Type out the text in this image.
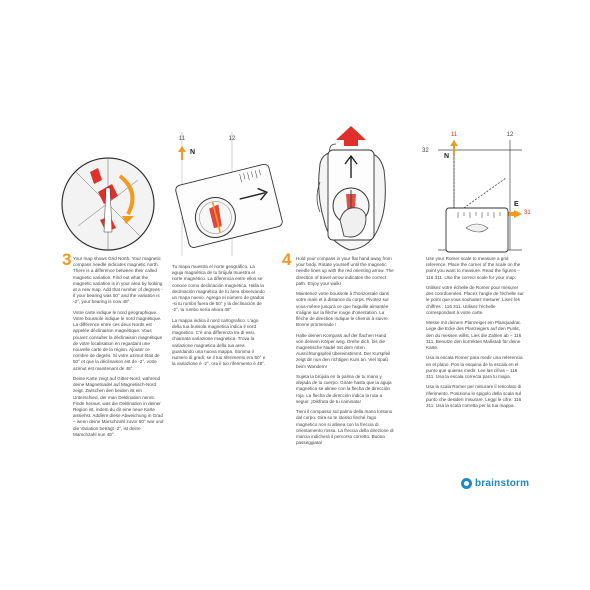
11	12
N
11	12
32
31
N
E
3	4

Your map shows Grid North. Your magnetic compass needle indicates magnetic north. There is a difference between their called magnetic variation. Find out what the magnetic variation is in your area by looking at a new map. Add that number of degrees - if your bearing was 50° and the variation is -2°, your bearing is now 48°.

Votre carte indique le nord géographique. Votre boussole indique le nord magnétique. La différence entre ces deux Nords est appelée déclinaison magnétique. Vous pouvez consulter la déclinaison magnétique de votre localisation en regardant une nouvelle carte de la région. Ajouter ce nombre de degrés. Si votre azimut était de 50° et que la déclinaison est de -2°, votre azimut est maintenant de 48°.

Deine Karte zeigt auf Gitter-Nord, während deine Magnetnadel auf Magnetisch-Nord zeigt. Zwischen den beiden ist ein Unterschied, der man Deklination nennt. Finde heraus, was die Deklination in deiner Region ist, indem du dir eine neue Karte ansiehst. Addiere diese Abweichung in Grad – wenn deine Marschzahl zuvor 50° war und die Variation beträgt -2°, ist deine Marschzahl nun 48°.

Tu mapa muestra el norte geográfico. La aguja magnética de tu brújula muestra el norte magnético. La diferencia entre ellos se conoce como declinación magnética. Halla la declinación magnética de tu área observando un mapa nuevo. Agrega el número de grados -si tu rumbo fuera de 50° y la declinación de -2°, tu rumbo sería ahora 48°.

La mappa indica il nord cartografico. L'ago della tua bussola magnetica indica il nord magnetico. C'è una differenza tra di essi, chiamata variazione magnetica. Trova la variazione magnetica della tua area guardando una nuova mappa. Somma il numero di gradi; se il tuo riferimento era 50° e la variazione è -2°, ora il tuo riferimento è 48°.

Hold your compass in your flat hand away from your body. Rotate yourself until the magnetic needle lines up with the red orienting arrow. The direction of travel arrow indicates the correct path. Enjoy your walk!

Maintenez votre boussole à l'horizontale dans votre main et à distance du corps. Pivotez sur vous-même jusqu'à ce que l'aiguille aimantée s'aligne sur la flèche rouge d'orientation. La flèche de direction indique le chemin à suivre. Bonne promenade !

Halte deinen Kompass auf der flachen Hand von deinem Körper weg. Drehe dich, bis die magnetische Nadel mit dem roten Ausrichtungspfeil übereinstimmt. Der Kurspfeil zeigt dir nun den richtigen Kurs an. Viel Spaß beim Wandern!

Sujeta la brújula en la palma de tu mano y alejada de tu cuerpo. Girate hasta que la aguja magnética se alinee con la flecha de dirección roja. La flecha de dirección indica la ruta a seguir. ¡Disfruta de tu caminata!

Tieni il compasso sul palmo della mano lontano dal corpo. Gira su te stesso finché l'ago magnetico non si allinea con la freccia di orientamento rossa. La freccia della direzione di marcia indicherà il percorso corretto. Buona passeggiata!

Use your Romer scale to measure a grid reference. Place the corner of the scale on the point you want to measure. Read the figures – 116 311. Use the correct scale for your map.

Utilisez votre échelle de Romer pour mesurer des coordonnées. Placez l'angle de l'échelle sur le point que vous souhaitez mesurer. Lisez les chiffres : 116 311. Utilisez l'échelle correspondant à votre carte.

Messe mit deinem Planzeiger ein Planquadrat. Lege die Ecke des Planzeigers auf den Punkt, den du messen willst. Lies die Zahlen ab – 116 311. Benutze den korrekten Maßstab für deine Karte.

Usa la escala Romer para medir una referencia en el plano. Pon la esquina de la escala en el punto que quieras medir. Lee las cifras – 116 311. Usa la escala correcta para tu mapa.

Usa la scala Romer per misurare il reticolato di riferimento. Posiziona lo spigolo della scala sul punto che desideri misurare. Leggi le cifre: 116 311. Usa la scala corretta per la tua mappa.

brainstorm
